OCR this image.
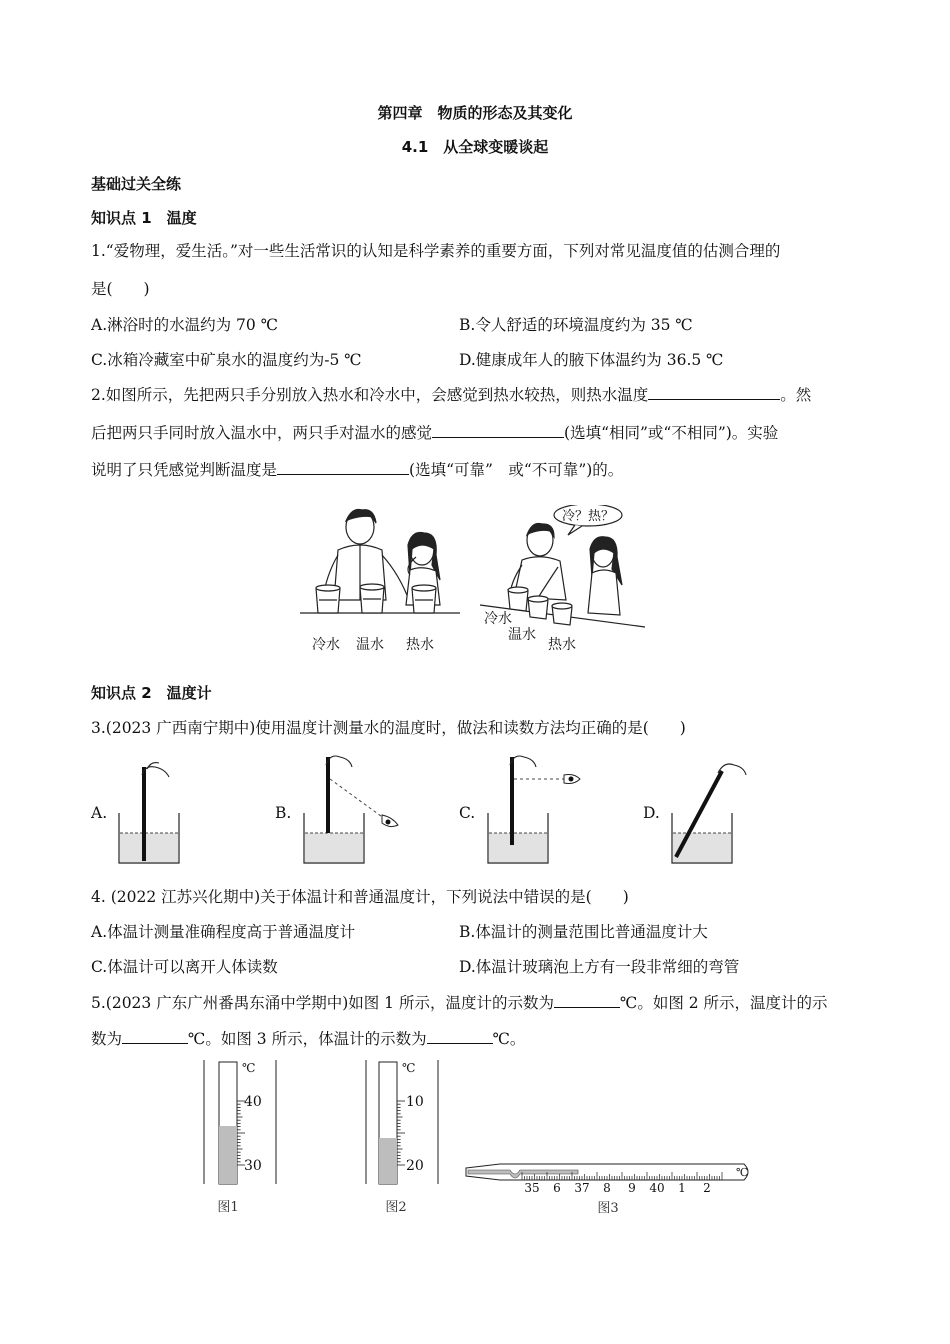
第四章　物质的形态及其变化
4.1　从全球变暖谈起
基础过关全练
知识点 1　温度
1.“爱物理，爱生活。”对一些生活常识的认知是科学素养的重要方面，下列对常见温度值的估测合理的
是(　　)
A.淋浴时的水温约为 70 ℃	B.令人舒适的环境温度约为 35 ℃
C.冰箱冷藏室中矿泉水的温度约为-5 ℃	D.健康成年人的腋下体温约为 36.5 ℃
2.如图所示，先把两只手分别放入热水和冷水中，会感觉到热水较热，则热水温度	。然
后把两只手同时放入温水中，两只手对温水的感觉	(选填“相同”或“不相同”)。实验
说明了只凭感觉判断温度是	(选填“可靠”　或“不可靠”)的。
冷？热？
冷水 温水 热水
冷水
温水
热水
知识点 2　温度计
3.(2023 广西南宁期中)使用温度计测量水的温度时，做法和读数方法均正确的是(　　)
A.	B.	C.	D.
4. (2022 江苏兴化期中)关于体温计和普通温度计，下列说法中错误的是(　　)
A.体温计测量准确程度高于普通温度计	B.体温计的测量范围比普通温度计大
C.体温计可以离开人体读数	D.体温计玻璃泡上方有一段非常细的弯管
5.(2023 广东广州番禺东涌中学期中)如图 1 所示，温度计的示数为	℃。如图 2 所示，温度计的示
数为	℃。如图 3 所示，体温计的示数为	℃。
℃
40
30
图1
℃
10
20
图2
35 6 37 8 9 40 1 2
℃
图3
